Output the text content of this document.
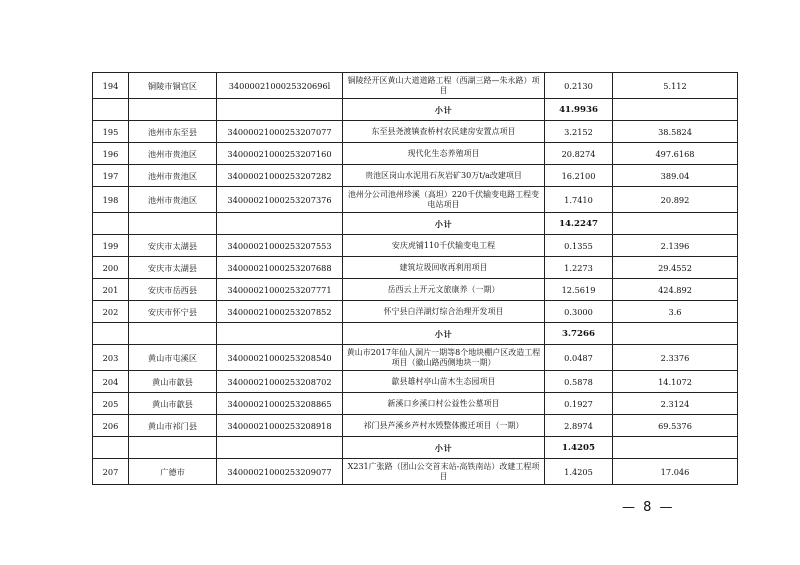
194	铜陵市铜官区	3400002100025320696l	铜陵经开区黄山大道道路工程（西湖三路—朱永路）项目	0.2130	5.112
			小计	41.9936	
195	池州市东至县	34000021000253207077	东至县尧渡镇查桥村农民建房安置点项目	3.2152	38.5824
196	池州市贵池区	34000021000253207160	现代化生态养殖项目	20.8274	497.6168
197	池州市贵池区	34000021000253207282	贵池区岗山水泥用石灰岩矿30万t/a改建项目	16.2100	389.04
198	池州市贵池区	34000021000253207376	池州分公司池州珍溪（高坦）220千伏输变电路工程变电站项目	1.7410	20.892
			小计	14.2247	
199	安庆市太湖县	34000021000253207553	安庆虎铺110千伏输变电工程	0.1355	2.1396
200	安庆市太湖县	34000021000253207688	建筑垃圾回收再利用项目	1.2273	29.4552
201	安庆市岳西县	34000021000253207771	岳西云上开元文旅康养（一期）	12.5619	424.892
202	安庆市怀宁县	34000021000253207852	怀宁县白洋湖灯综合治理开发项目	0.3000	3.6
			小计	3.7266	
203	黄山市屯溪区	34000021000253208540	黄山市2017年仙人洞片一期等8个地块棚户区改造工程项目（徽山路西侧地块一期）	0.0487	2.3376
204	黄山市歙县	34000021000253208702	歙县雄村亭山苗木生态园项目	0.5878	14.1072
205	黄山市歙县	34000021000253208865	新溪口乡溪口村公益性公墓项目	0.1927	2.3124
206	黄山市祁门县	34000021000253208918	祁门县芦溪乡芦村水毁整体搬迁项目（一期）	2.8974	69.5376
			小计	1.4205	
207	广德市	34000021000253209077	X231广张路（团山公交首末站-高铁南站）改建工程项目	1.4205	17.046
— 8 —
